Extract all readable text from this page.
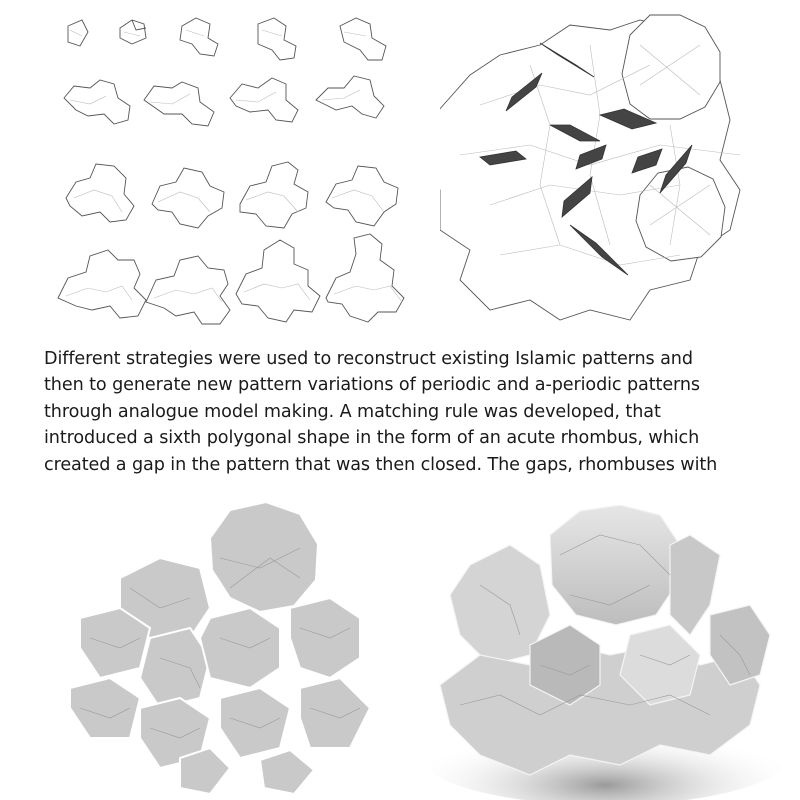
Different strategies were used to reconstruct existing Islamic patterns and
then to generate new pattern variations of periodic and a-periodic patterns
through analogue model making. A matching rule was developed, that
introduced a sixth polygonal shape in the form of an acute rhombus, which
created a gap in the pattern that was then closed. The gaps, rhombuses with
